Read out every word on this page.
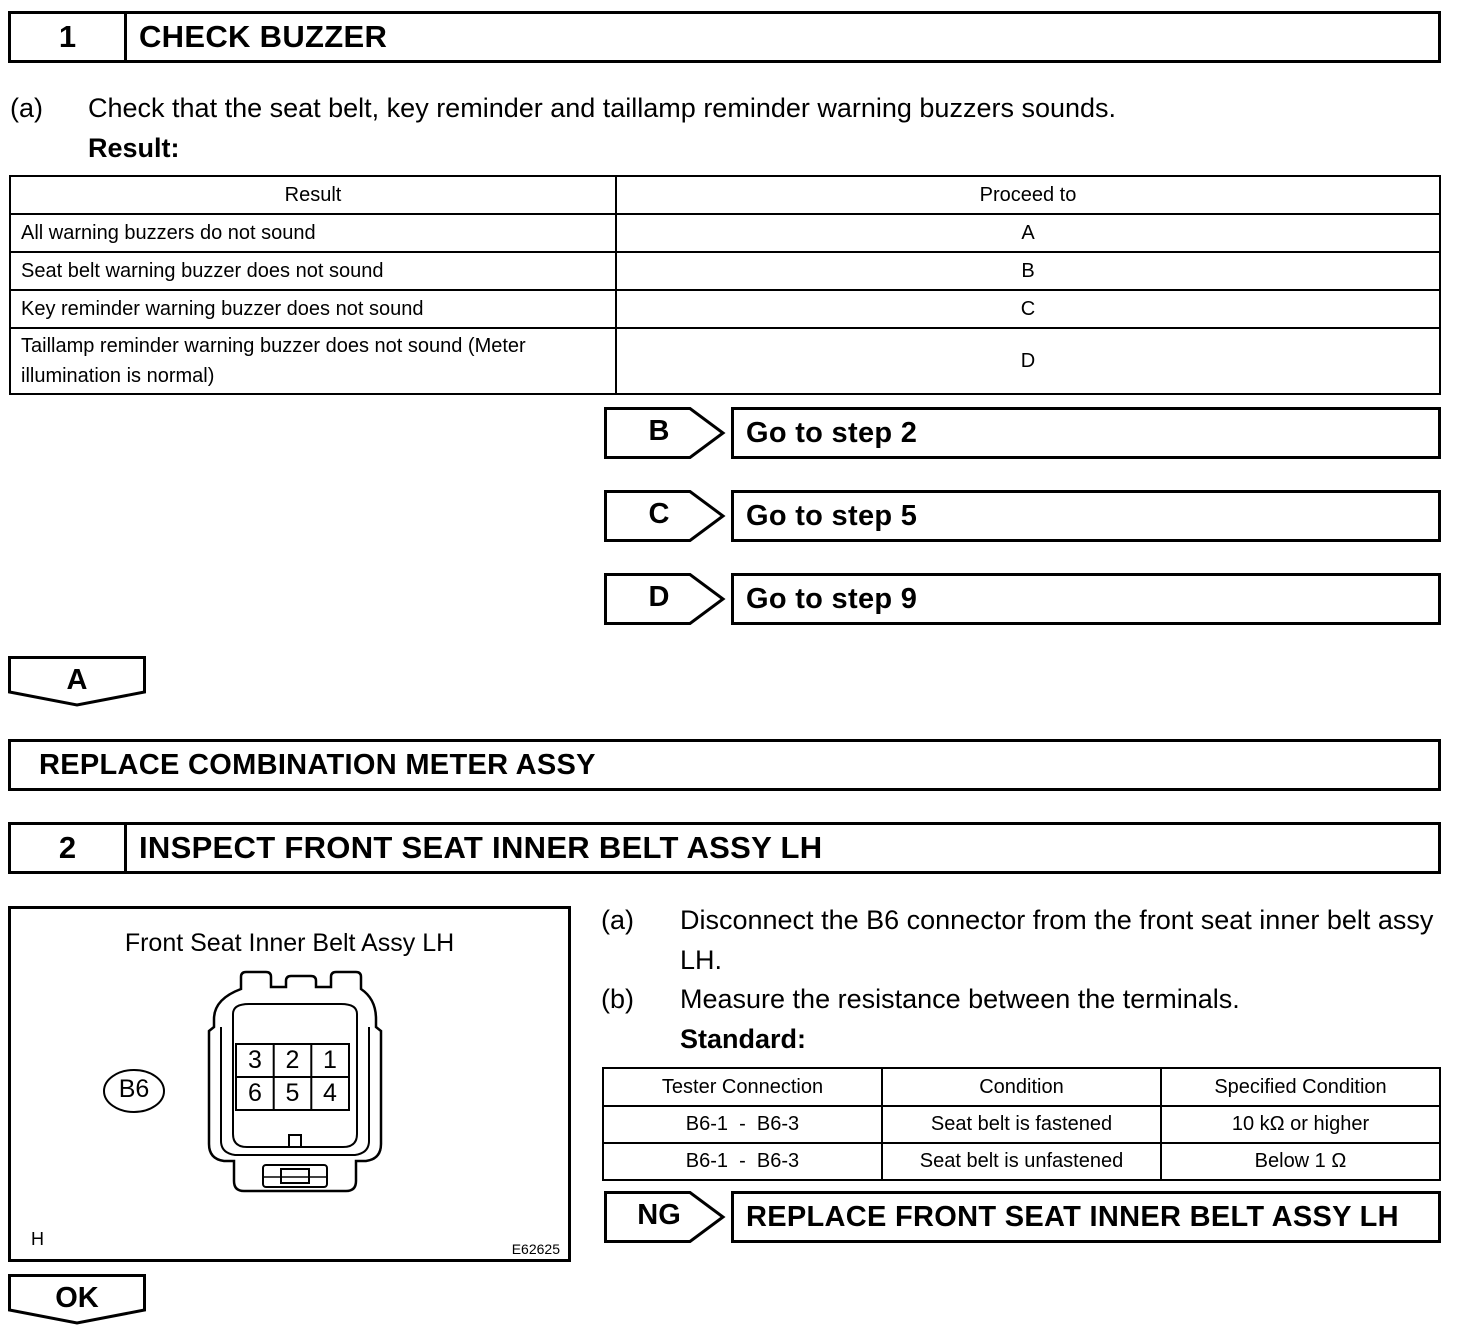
1	CHECK BUZZER
(a) Check that the seat belt, key reminder and taillamp reminder warning buzzers sounds.
Result:
Result	Proceed to
All warning buzzers do not sound	A
Seat belt warning buzzer does not sound	B
Key reminder warning buzzer does not sound	C
Taillamp reminder warning buzzer does not sound (Meter illumination is normal)	D
B	Go to step 2
C	Go to step 5
D	Go to step 9
A
REPLACE COMBINATION METER ASSY
2	INSPECT FRONT SEAT INNER BELT ASSY LH
Front Seat Inner Belt Assy LH
B6
3 2 1
6 5 4
H	E62625
(a) Disconnect the B6 connector from the front seat inner belt assy LH.
(b) Measure the resistance between the terminals.
Standard:
Tester Connection	Condition	Specified Condition
B6-1  -  B6-3	Seat belt is fastened	10 kΩ or higher
B6-1  -  B6-3	Seat belt is unfastened	Below 1 Ω
NG	REPLACE FRONT SEAT INNER BELT ASSY LH
OK
